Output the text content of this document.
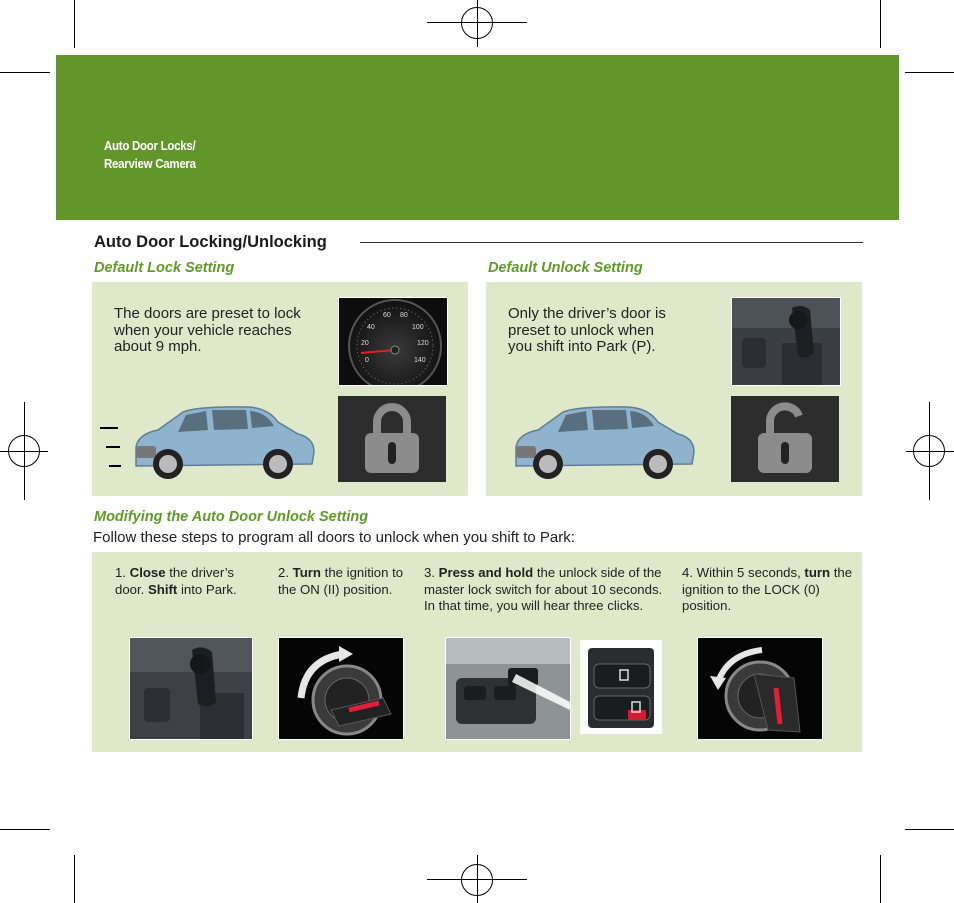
Auto Door Locks/
Rearview Camera
Auto Door Locking/Unlocking
Default Lock Setting
The doors are preset to lock when your vehicle reaches about 9 mph.
60 80
40	100
20	120
0	140
Default Unlock Setting
Only the driver’s door is preset to unlock when you shift into Park (P).
Modifying the Auto Door Unlock Setting
Follow these steps to program all doors to unlock when you shift to Park:
1. Close the driver’s door. Shift into Park.
2. Turn the ignition to the ON (II) position.
3. Press and hold the unlock side of the master lock switch for about 10 seconds. In that time, you will hear three clicks.
4. Within 5 seconds, turn the ignition to the LOCK (0) position.
